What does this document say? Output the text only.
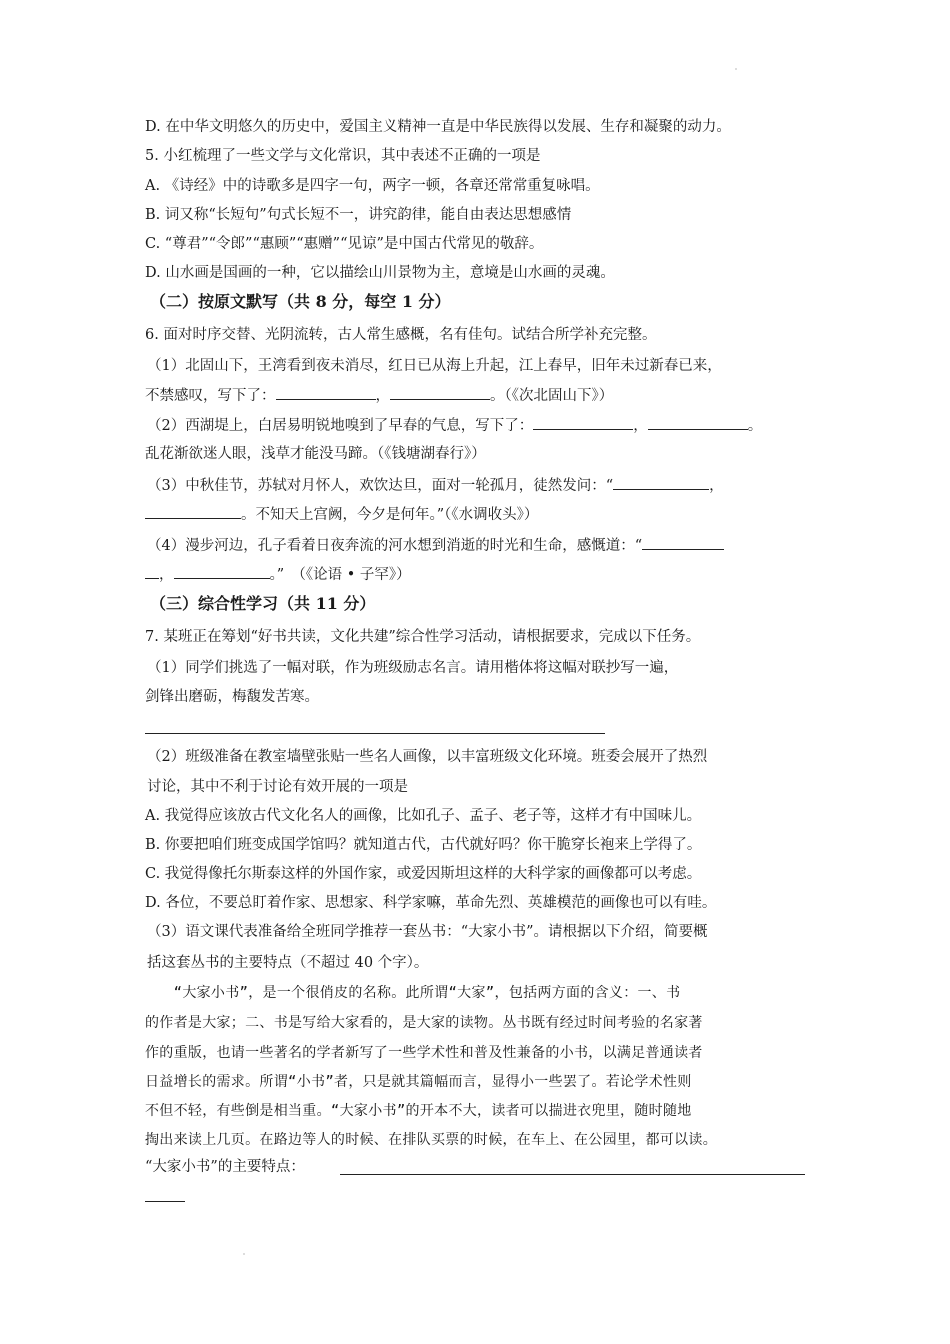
D. 在中华文明悠久的历史中，爱国主义精神一直是中华民族得以发展、生存和凝聚的动力。
5. 小红梳理了一些文学与文化常识，其中表述不正确的一项是
A. 《诗经》中的诗歌多是四字一句，两字一顿，各章还常常重复咏唱。
B. 词又称“长短句”句式长短不一，讲究韵律，能自由表达思想感情
C. “尊君”“令郎”“惠顾”“惠赠”“见谅”是中国古代常见的敬辞。
D. 山水画是国画的一种，它以描绘山川景物为主，意境是山水画的灵魂。
（二）按原文默写（共 8 分，每空 1 分）
6. 面对时序交替、光阴流转，古人常生感概，名有佳句。试结合所学补充完整。
（1）北固山下，王湾看到夜未消尽，红日已从海上升起，江上春早，旧年未过新春已来，
不禁感叹，写下了：	，	。（《次北固山下》）
（2）西湖堤上，白居易明锐地嗅到了早春的气息，写下了：	，	。
乱花渐欲迷人眼，浅草才能没马蹄。（《钱塘湖春行》）
（3）中秋佳节，苏轼对月怀人，欢饮达旦，面对一轮孤月，徒然发问：“	，
。不知天上宫阙，今夕是何年。”（《水调收头》）
（4）漫步河边，孔子看着日夜奔流的河水想到消逝的时光和生命，感慨道：“
，	。”　（《论语 • 子罕》）
（三）综合性学习（共 11 分）
7. 某班正在筹划“好书共读，文化共建”综合性学习活动，请根据要求，完成以下任务。
（1）同学们挑选了一幅对联，作为班级励志名言。请用楷体将这幅对联抄写一遍，
剑锋出磨砺，梅馥发苦寒。
（2）班级准备在教室墙壁张贴一些名人画像，以丰富班级文化环境。班委会展开了热烈
讨论，其中不利于讨论有效开展的一项是
A. 我觉得应该放古代文化名人的画像，比如孔子、孟子、老子等，这样才有中国味儿。
B. 你要把咱们班变成国学馆吗？就知道古代，古代就好吗？你干脆穿长袍来上学得了。
C. 我觉得像托尔斯泰这样的外国作家，或爱因斯坦这样的大科学家的画像都可以考虑。
D. 各位，不要总盯着作家、思想家、科学家嘛，革命先烈、英雄模范的画像也可以有哇。
（3）语文课代表准备给全班同学推荐一套丛书：“大家小书”。请根据以下介绍，简要概
括这套丛书的主要特点（不超过 40 个字）。
　　“大家小书”，是一个很俏皮的名称。此所谓“大家”，包括两方面的含义：一、书
的作者是大家；二、书是写给大家看的，是大家的读物。丛书既有经过时间考验的名家著
作的重版，也请一些著名的学者新写了一些学术性和普及性兼备的小书，以满足普通读者
日益增长的需求。所谓“小书”者，只是就其篇幅而言，显得小一些罢了。若论学术性则
不但不轻，有些倒是相当重。“大家小书”的开本不大，读者可以揣进衣兜里，随时随地
掏出来读上几页。在路边等人的时候、在排队买票的时候，在车上、在公园里，都可以读。
“大家小书”的主要特点：
